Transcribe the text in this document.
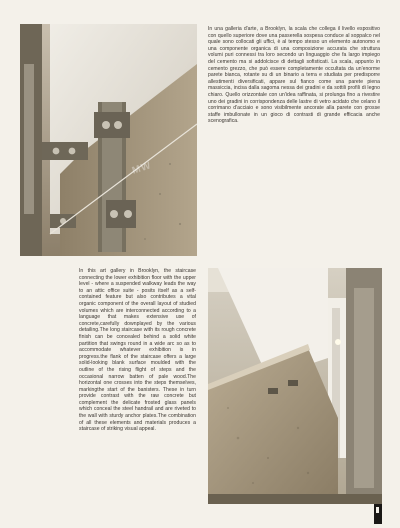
MW

In una galleria d'arte, a Brooklyn, la scala che collega il livello espositivo con quello superiore dove una passerella sospesa conduce al soppalco nel quale sono collocati gli uffici, è al tempo stesso un elemento autonomo e una componente organica di una composizione accurata che struttura volumi puri connessi tra loro secondo un linguaggio che fa largo impiego del cemento ma si addolcisce di dettagli sofisticati. La scala, appunto in cemento grezzo, che può essere completamente occultata da un'enorme parete bianca, rotante su di un binario a terra e studiata per predisporre allestimenti diversificati, appare sul fianco come una parete piena massiccia, incisa dalla sagoma nessa dei gradini e da sottili profili di legno chiaro. Quello orizzontale con un'idea raffinata, si prolunga fino a rivestire uno dei gradini in corrispondenza delle lastre di vetro acidato che celano il corrimano d'acciaio e sono visibilmente ancorate alla parete con grosse staffe imbullonate in un gioco di contrasti di grande efficacia anche scenografica.

In this art gallery in Brooklyn, the staircase connecting the lower exhibition floor with the upper level - where a suspended walkway leads the way to an attic office suite - posits itself as a self-contained feature but also contributes a vital organic component of the overall layout of studied volumes which are interconnected according to a language that makes extensive use of concrete,carefully downplayed by the various detailing.The long staircase with its rough concrete finish can be concealed behind a solid white partition that swings round in a wide arc so as to accommodate whatever exhibition is in progress.the flank of the staircase offers a large solid-looking blank surface moulded with the outline of the rising flight of steps and the occasional narrow batten of pale wood.The horizontal one crosses into the steps themselves, markingthe start of the banisters. These in turn provide contrast with the raw concrete but complement the delicate frosted glass panels which conceal the steel handrail and are riveted to the wall with sturdy anchor plates.The combination of all these elements and materials produces a staircase of striking visual appeal.
